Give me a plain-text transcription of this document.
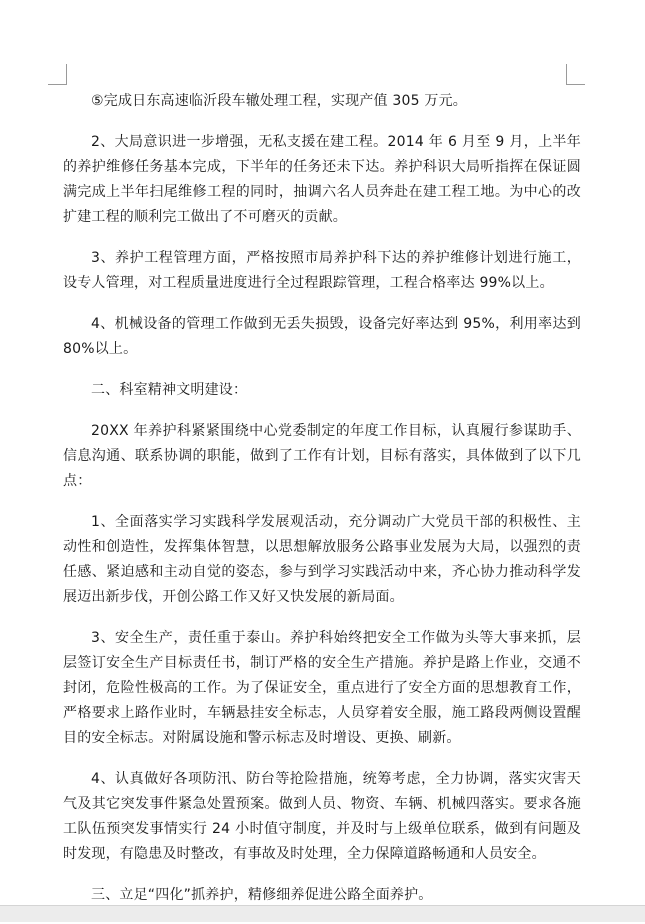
⑤完成日东高速临沂段车辙处理工程，实现产值 305 万元。

2、大局意识进一步增强，无私支援在建工程。2014 年 6 月至 9 月，上半年的养护维修任务基本完成，下半年的任务还未下达。养护科识大局听指挥在保证圆满完成上半年扫尾维修工程的同时，抽调六名人员奔赴在建工程工地。为中心的改扩建工程的顺利完工做出了不可磨灭的贡献。

3、养护工程管理方面，严格按照市局养护科下达的养护维修计划进行施工，设专人管理，对工程质量进度进行全过程跟踪管理，工程合格率达 99%以上。

4、机械设备的管理工作做到无丢失损毁，设备完好率达到 95%，利用率达到 80%以上。

二、科室精神文明建设：

20XX 年养护科紧紧围绕中心党委制定的年度工作目标，认真履行参谋助手、信息沟通、联系协调的职能，做到了工作有计划，目标有落实，具体做到了以下几点：

1、全面落实学习实践科学发展观活动，充分调动广大党员干部的积极性、主动性和创造性，发挥集体智慧，以思想解放服务公路事业发展为大局，以强烈的责任感、紧迫感和主动自觉的姿态，参与到学习实践活动中来，齐心协力推动科学发展迈出新步伐，开创公路工作又好又快发展的新局面。

3、安全生产，责任重于泰山。养护科始终把安全工作做为头等大事来抓，层层签订安全生产目标责任书，制订严格的安全生产措施。养护是路上作业，交通不封闭，危险性极高的工作。为了保证安全，重点进行了安全方面的思想教育工作，严格要求上路作业时，车辆悬挂安全标志，人员穿着安全服，施工路段两侧设置醒目的安全标志。对附属设施和警示标志及时增设、更换、刷新。

4、认真做好各项防汛、防台等抢险措施，统筹考虑，全力协调，落实灾害天气及其它突发事件紧急处置预案。做到人员、物资、车辆、机械四落实。要求各施工队伍预突发事情实行 24 小时值守制度，并及时与上级单位联系，做到有问题及时发现，有隐患及时整改，有事故及时处理，全力保障道路畅通和人员安全。

三、立足“四化”抓养护，精修细养促进公路全面养护。
